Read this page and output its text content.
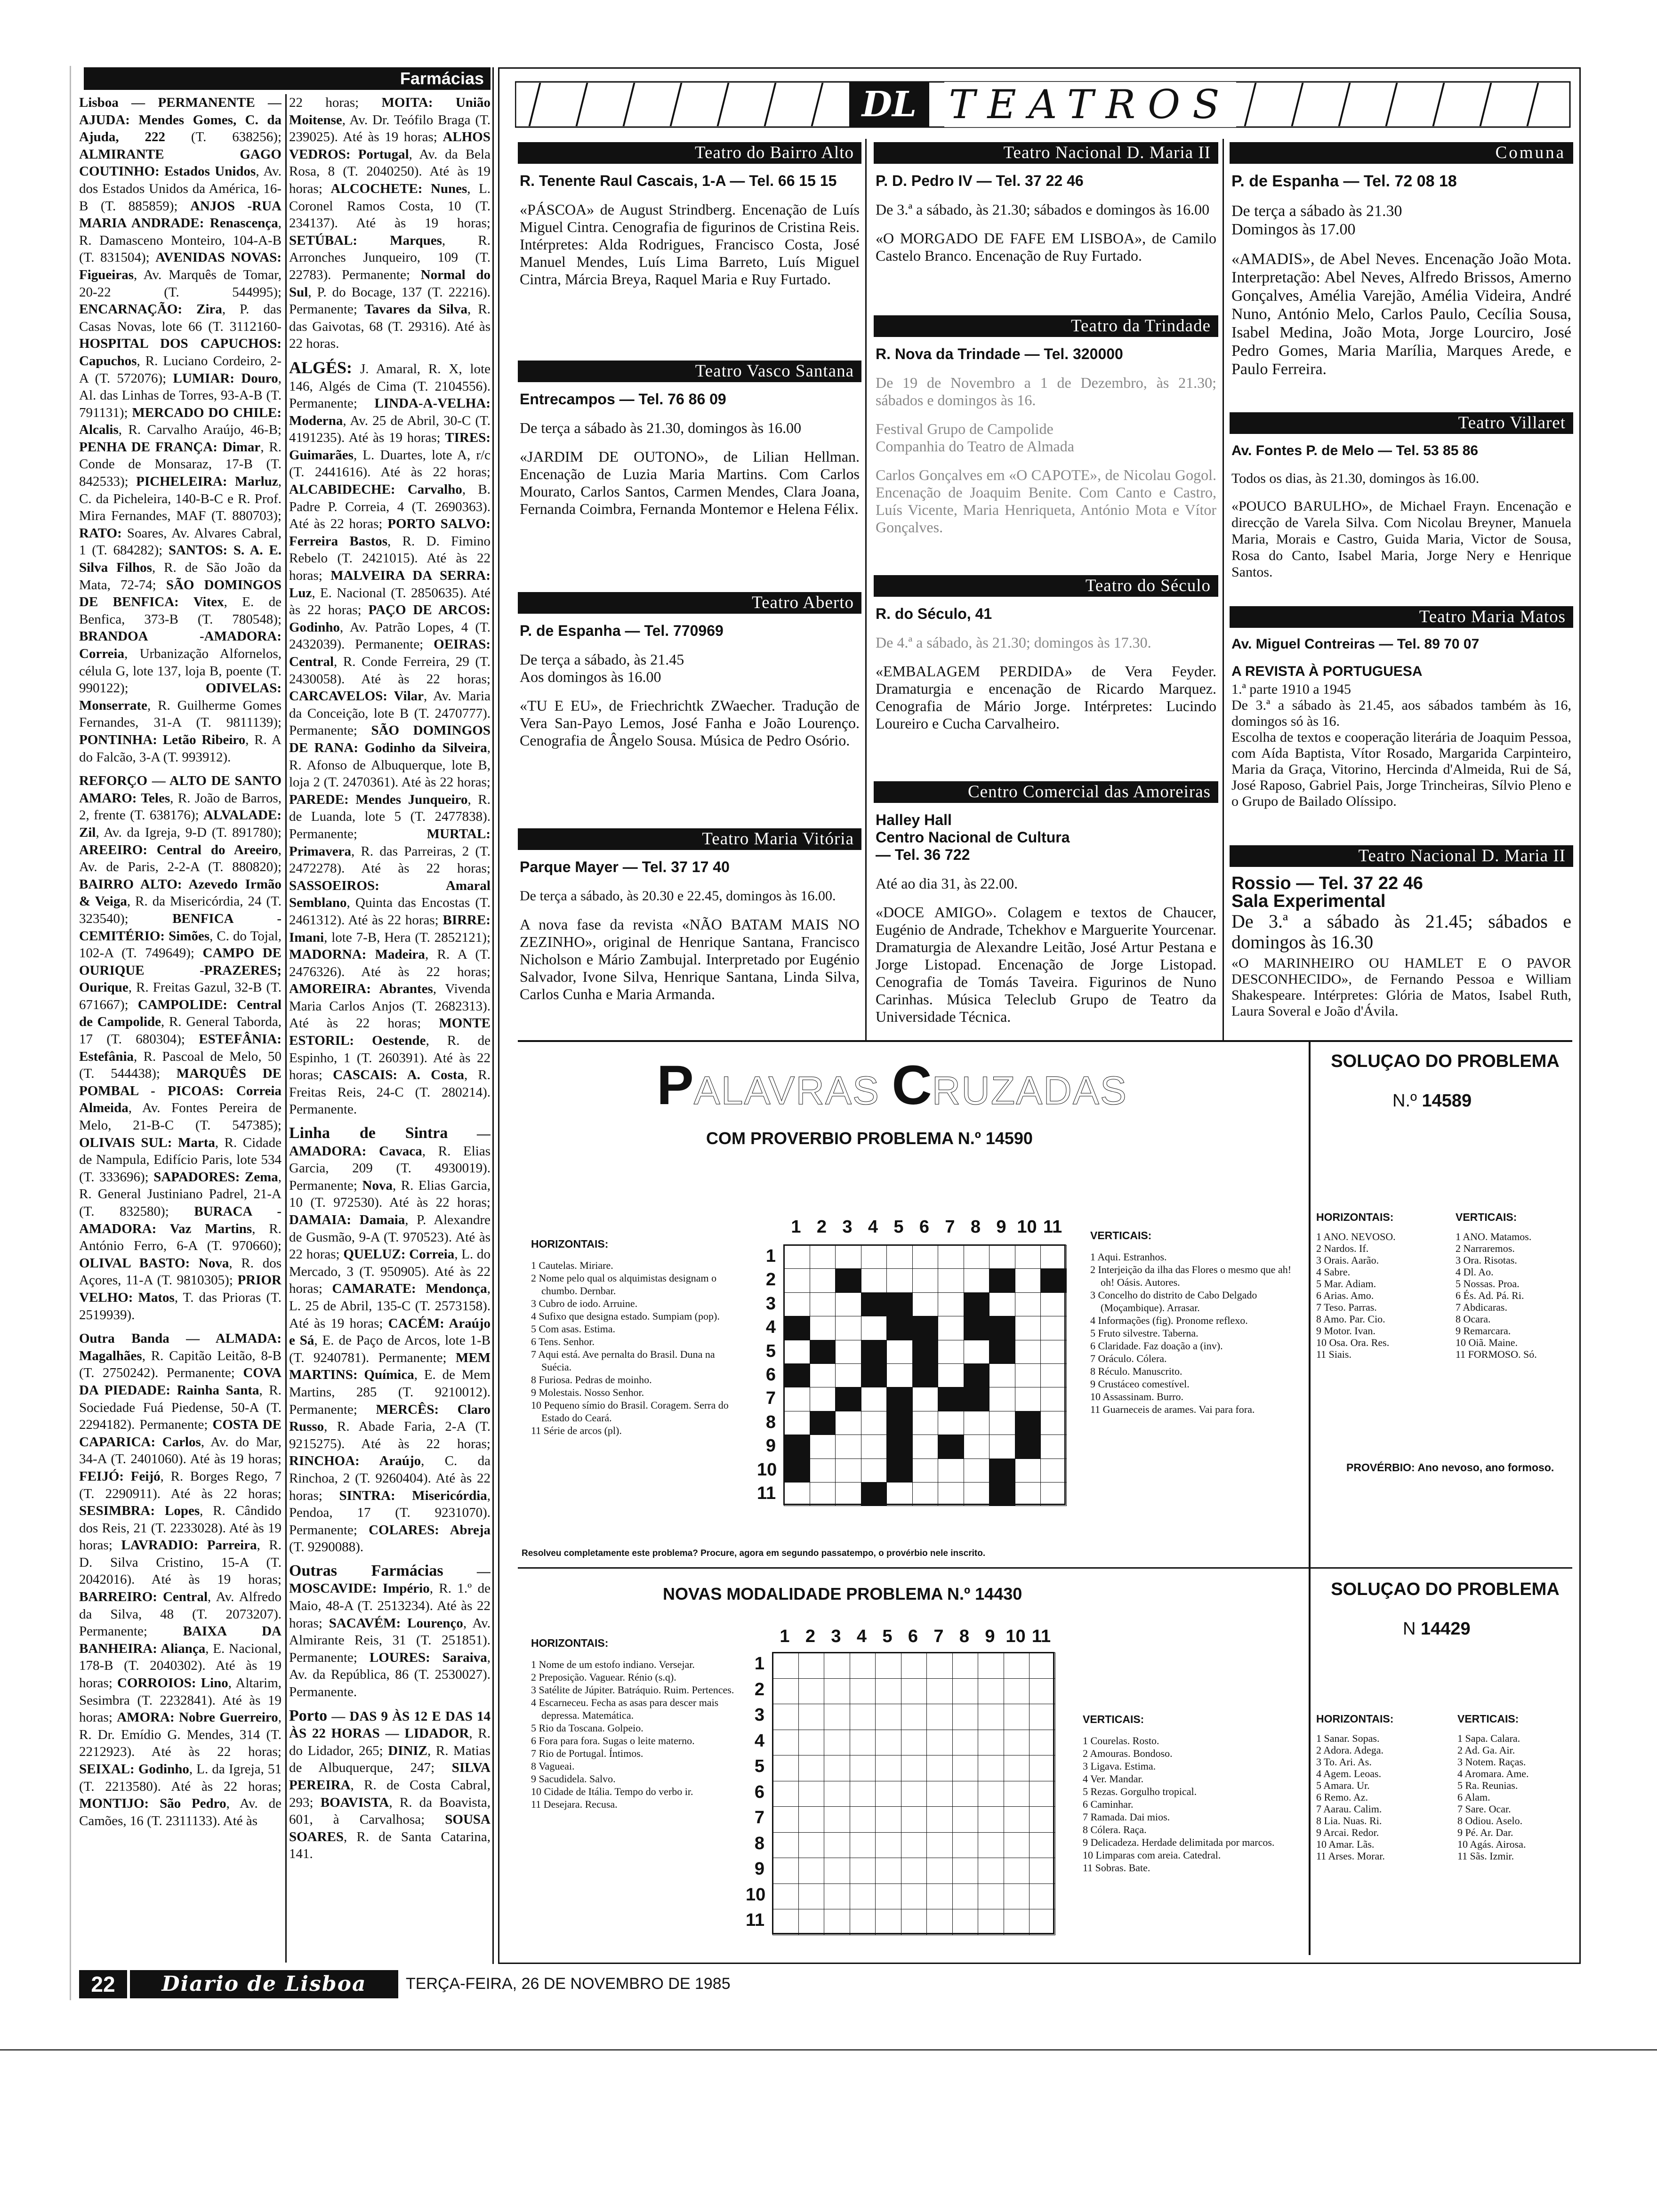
Farmácias

Lisboa — PERMANENTE — AJUDA: Mendes Gomes, C. da Ajuda, 222 (T. 638256); ALMIRANTE GAGO COUTINHO: Estados Unidos, Av. dos Estados Unidos da América, 16-B (T. 885859); ANJOS -RUA MARIA ANDRADE: Renascença, R. Damasceno Monteiro, 104-A-B (T. 831504); AVENIDAS NOVAS: Figueiras, Av. Marquês de Tomar, 20-22 (T. 544995); ENCARNAÇÃO: Zira, P. das Casas Novas, lote 66 (T. 3112160- HOSPITAL DOS CAPUCHOS: Capuchos, R. Luciano Cordeiro, 2-A (T. 572076); LUMIAR: Douro, Al. das Linhas de Torres, 93-A-B (T. 791131); MERCADO DO CHILE: Alcalis, R. Carvalho Araújo, 46-B; PENHA DE FRANÇA: Dimar, R. Conde de Monsaraz, 17-B (T. 842533); PICHELEIRA: Marluz, C. da Picheleira, 140-B-C e R. Prof. Mira Fernandes, MAF (T. 880703); RATO: Soares, Av. Alvares Cabral, 1 (T. 684282); SANTOS: S. A. E. Silva Filhos, R. de São João da Mata, 72-74; SÃO DOMINGOS DE BENFICA: Vitex, E. de Benfica, 373-B (T. 780548); BRANDOA -AMADORA: Correia, Urbanização Alfornelos, célula G, lote 137, loja B, poente (T. 990122); ODIVELAS: Monserrate, R. Guilherme Gomes Fernandes, 31-A (T. 9811139); PONTINHA: Letão Ribeiro, R. A do Falcão, 3-A (T. 993912).

REFORÇO — ALTO DE SANTO AMARO: Teles, R. João de Barros, 2, frente (T. 638176); ALVALADE: Zil, Av. da Igreja, 9-D (T. 891780); AREEIRO: Central do Areeiro, Av. de Paris, 2-2-A (T. 880820); BAIRRO ALTO: Azevedo Irmão & Veiga, R. da Misericórdia, 24 (T. 323540); BENFICA - CEMITÉRIO: Simões, C. do Tojal, 102-A (T. 749649); CAMPO DE OURIQUE -PRAZERES; Ourique, R. Freitas Gazul, 32-B (T. 671667); CAMPOLIDE: Central de Campolide, R. General Taborda, 17 (T. 680304); ESTEFÂNIA: Estefânia, R. Pascoal de Melo, 50 (T. 544438); MARQUÊS DE POMBAL - PICOAS: Correia Almeida, Av. Fontes Pereira de Melo, 21-B-C (T. 547385); OLIVAIS SUL: Marta, R. Cidade de Nampula, Edifício Paris, lote 534 (T. 333696); SAPADORES: Zema, R. General Justiniano Padrel, 21-A (T. 832580); BURACA - AMADORA: Vaz Martins, R. António Ferro, 6-A (T. 970660); OLIVAL BASTO: Nova, R. dos Açores, 11-A (T. 9810305); PRIOR VELHO: Matos, T. das Prioras (T. 2519939).

Outra Banda — ALMADA: Magalhães, R. Capitão Leitão, 8-B (T. 2750242). Permanente; COVA DA PIEDADE: Rainha Santa, R. Sociedade Fuá Piedense, 50-A (T. 2294182). Permanente; COSTA DE CAPARICA: Carlos, Av. do Mar, 34-A (T. 2401060). Até às 19 horas; FEIJÓ: Feijó, R. Borges Rego, 7 (T. 2290911). Até às 22 horas; SESIMBRA: Lopes, R. Cândido dos Reis, 21 (T. 2233028). Até às 19 horas; LAVRADIO: Parreira, R. D. Silva Cristino, 15-A (T. 2042016). Até às 19 horas; BARREIRO: Central, Av. Alfredo da Silva, 48 (T. 2073207). Permanente; BAIXA DA BANHEIRA: Aliança, E. Nacional, 178-B (T. 2040302). Até às 19 horas; CORROIOS: Lino, Altarim, Sesimbra (T. 2232841). Até às 19 horas; AMORA: Nobre Guerreiro, R. Dr. Emídio G. Mendes, 314 (T. 2212923). Até às 22 horas; SEIXAL: Godinho, L. da Igreja, 51 (T. 2213580). Até às 22 horas; MONTIJO: São Pedro, Av. de Camões, 16 (T. 2311133). Até às

22 horas; MOITA: União Moitense, Av. Dr. Teófilo Braga (T. 239025). Até às 19 horas; ALHOS VEDROS: Portugal, Av. da Bela Rosa, 8 (T. 2040250). Até às 19 horas; ALCOCHETE: Nunes, L. Coronel Ramos Costa, 10 (T. 234137). Até às 19 horas; SETÚBAL: Marques, R. Arronches Junqueiro, 109 (T. 22783). Permanente; Normal do Sul, P. do Bocage, 137 (T. 22216). Permanente; Tavares da Silva, R. das Gaivotas, 68 (T. 29316). Até às 22 horas.

ALGÉS: J. Amaral, R. X, lote 146, Algés de Cima (T. 2104556). Permanente; LINDA-A-VELHA: Moderna, Av. 25 de Abril, 30-C (T. 4191235). Até às 19 horas; TIRES: Guimarães, L. Duartes, lote A, r/c (T. 2441616). Até às 22 horas; ALCABIDECHE: Carvalho, B. Padre P. Correia, 4 (T. 2690363). Até às 22 horas; PORTO SALVO: Ferreira Bastos, R. D. Fimino Rebelo (T. 2421015). Até às 22 horas; MALVEIRA DA SERRA: Luz, E. Nacional (T. 2850635). Até às 22 horas; PAÇO DE ARCOS: Godinho, Av. Patrão Lopes, 4 (T. 2432039). Permanente; OEIRAS: Central, R. Conde Ferreira, 29 (T. 2430058). Até às 22 horas; CARCAVELOS: Vilar, Av. Maria da Conceição, lote B (T. 2470777). Permanente; SÃO DOMINGOS DE RANA: Godinho da Silveira, R. Afonso de Albuquerque, lote B, loja 2 (T. 2470361). Até às 22 horas; PAREDE: Mendes Junqueiro, R. de Luanda, lote 5 (T. 2477838). Permanente; MURTAL: Primavera, R. das Parreiras, 2 (T. 2472278). Até às 22 horas; SASSOEIROS: Amaral Semblano, Quinta das Encostas (T. 2461312). Até às 22 horas; BIRRE: Imani, lote 7-B, Hera (T. 2852121); MADORNA: Madeira, R. A (T. 2476326). Até às 22 horas; AMOREIRA: Abrantes, Vivenda Maria Carlos Anjos (T. 2682313). Até às 22 horas; MONTE ESTORIL: Oestende, R. de Espinho, 1 (T. 260391). Até às 22 horas; CASCAIS: A. Costa, R. Freitas Reis, 24-C (T. 280214). Permanente.

Linha de Sintra — AMADORA: Cavaca, R. Elias Garcia, 209 (T. 4930019). Permanente; Nova, R. Elias Garcia, 10 (T. 972530). Até às 22 horas; DAMAIA: Damaia, P. Alexandre de Gusmão, 9-A (T. 970523). Até às 22 horas; QUELUZ: Correia, L. do Mercado, 3 (T. 950905). Até às 22 horas; CAMARATE: Mendonça, L. 25 de Abril, 135-C (T. 2573158). Até às 19 horas; CACÉM: Araújo e Sá, E. de Paço de Arcos, lote 1-B (T. 9240781). Permanente; MEM MARTINS: Química, E. de Mem Martins, 285 (T. 9210012). Permanente; MERCÊS: Claro Russo, R. Abade Faria, 2-A (T. 9215275). Até às 22 horas; RINCHOA: Araújo, C. da Rinchoa, 2 (T. 9260404). Até às 22 horas; SINTRA: Misericórdia, Pendoa, 17 (T. 9231070). Permanente; COLARES: Abreja (T. 9290088).

Outras Farmácias — MOSCAVIDE: Império, R. 1.º de Maio, 48-A (T. 2513234). Até às 22 horas; SACAVÉM: Lourenço, Av. Almirante Reis, 31 (T. 251851). Permanente; LOURES: Saraiva, Av. da República, 86 (T. 2530027). Permanente.

Porto — DAS 9 ÀS 12 E DAS 14 ÀS 22 HORAS — LIDADOR, R. do Lidador, 265; DINIZ, R. Matias de Albuquerque, 247; SILVA PEREIRA, R. de Costa Cabral, 293; BOAVISTA, R. da Boavista, 601, à Carvalhosa; SOUSA SOARES, R. de Santa Catarina, 141.

DL TEATROS
Teatro do Bairro Alto

R. Tenente Raul Cascais, 1-A — Tel. 66 15 15

«PÁSCOA» de August Strindberg. Encenação de Luís Miguel Cintra. Cenografia de figurinos de Cristina Reis. Intérpretes: Alda Rodrigues, Francisco Costa, José Manuel Mendes, Luís Lima Barreto, Luís Miguel Cintra, Márcia Breya, Raquel Maria e Ruy Furtado.

Teatro Vasco Santana

Entrecampos — Tel. 76 86 09

De terça a sábado às 21.30, domingos às 16.00

«JARDIM DE OUTONO», de Lilian Hellman. Encenação de Luzia Maria Martins. Com Carlos Mourato, Carlos Santos, Carmen Mendes, Clara Joana, Fernanda Coimbra, Fernanda Montemor e Helena Félix.

Teatro Aberto

P. de Espanha — Tel. 770969

De terça a sábado, às 21.45
Aos domingos às 16.00

«TU E EU», de Friechrichtk ZWaecher. Tradução de Vera San-Payo Lemos, José Fanha e João Lourenço. Cenografia de Ângelo Sousa. Música de Pedro Osório.

Teatro Maria Vitória

Parque Mayer — Tel. 37 17 40

De terça a sábado, às 20.30 e 22.45, domingos às 16.00.

A nova fase da revista «NÃO BATAM MAIS NO ZEZINHO», original de Henrique Santana, Francisco Nicholson e Mário Zambujal. Interpretado por Eugénio Salvador, Ivone Silva, Henrique Santana, Linda Silva, Carlos Cunha e Maria Armanda.

Teatro Nacional D. Maria II

P. D. Pedro IV — Tel. 37 22 46

De 3.ª a sábado, às 21.30; sábados e domingos às 16.00

«O MORGADO DE FAFE EM LISBOA», de Camilo Castelo Branco. Encenação de Ruy Furtado.

Teatro da Trindade

R. Nova da Trindade — Tel. 320000

De 19 de Novembro a 1 de Dezembro, às 21.30; sábados e domingos às 16.

Festival Grupo de Campolide
Companhia do Teatro de Almada

Carlos Gonçalves em «O CAPOTE», de Nicolau Gogol. Encenação de Joaquim Benite. Com Canto e Castro, Luís Vicente, Maria Henriqueta, António Mota e Vítor Gonçalves.

Teatro do Século

R. do Século, 41

De 4.ª a sábado, às 21.30; domingos às 17.30.

«EMBALAGEM PERDIDA» de Vera Feyder. Dramaturgia e encenação de Ricardo Marquez. Cenografia de Mário Jorge. Intérpretes: Lucindo Loureiro e Cucha Carvalheiro.

Centro Comercial das Amoreiras

Halley Hall
Centro Nacional de Cultura
— Tel. 36 722

Até ao dia 31, às 22.00.

«DOCE AMIGO». Colagem e textos de Chaucer, Eugénio de Andrade, Tchekhov e Marguerite Yourcenar. Dramaturgia de Alexandre Leitão, José Artur Pestana e Jorge Listopad. Encenação de Jorge Listopad. Cenografia de Tomás Taveira. Figurinos de Nuno Carinhas. Música Teleclub Grupo de Teatro da Universidade Técnica.

Comuna

P. de Espanha — Tel. 72 08 18

De terça a sábado às 21.30
Domingos às 17.00

«AMADIS», de Abel Neves. Encenação João Mota. Interpretação: Abel Neves, Alfredo Brissos, Amerno Gonçalves, Amélia Varejão, Amélia Videira, André Nuno, António Melo, Carlos Paulo, Cecília Sousa, Isabel Medina, João Mota, Jorge Lourciro, José Pedro Gomes, Maria Marília, Marques Arede, e Paulo Ferreira.

Teatro Villaret

Av. Fontes P. de Melo — Tel. 53 85 86

Todos os dias, às 21.30, domingos às 16.00.

«POUCO BARULHO», de Michael Frayn. Encenação e direcção de Varela Silva. Com Nicolau Breyner, Manuela Maria, Morais e Castro, Guida Maria, Victor de Sousa, Rosa do Canto, Isabel Maria, Jorge Nery e Henrique Santos.

Teatro Maria Matos

Av. Miguel Contreiras — Tel. 89 70 07

A REVISTA À PORTUGUESA

1.ª parte 1910 a 1945
De 3.ª a sábado às 21.45, aos sábados também às 16, domingos só às 16.
Escolha de textos e cooperação literária de Joaquim Pessoa, com Aída Baptista, Vítor Rosado, Margarida Carpinteiro, Maria da Graça, Vitorino, Hercinda d'Almeida, Rui de Sá, José Raposo, Gabriel Pais, Jorge Trincheiras, Sílvio Pleno e o Grupo de Bailado Olíssipo.

Teatro Nacional D. Maria II

Rossio — Tel. 37 22 46

Sala Experimental

De 3.ª a sábado às 21.45; sábados e domingos às 16.30

«O MARINHEIRO OU HAMLET E O PAVOR DESCONHECIDO», de Fernando Pessoa e William Shakespeare. Intérpretes: Glória de Matos, Isabel Ruth, Laura Soveral e João d'Ávila.

PALAVRAS CRUZADAS
COM PROVERBIO PROBLEMA N.º 14590
1 2 3 4 5 6 7 8 9 10 11
1
2
3
4
5
6
7
8
9
10
11
HORIZONTAIS:
1 Cautelas. Miriare.
2 Nome pelo qual os alquimistas designam o chumbo. Dernbar.
3 Cubro de iodo. Arruine.
4 Sufixo que designa estado. Sumpiam (pop).
5 Com asas. Estima.
6 Tens. Senhor.
7 Aqui está. Ave pernalta do Brasil. Duna na Suécia.
8 Furiosa. Pedras de moinho.
9 Molestais. Nosso Senhor.
10 Pequeno símio do Brasil. Coragem. Serra do Estado do Ceará.
11 Série de arcos (pl).
VERTICAIS:
1 Aqui. Estranhos.
2 Interjeição da ilha das Flores o mesmo que ah! oh! Oásis. Autores.
3 Concelho do distrito de Cabo Delgado (Moçambique). Arrasar.
4 Informações (fig). Pronome reflexo.
5 Fruto silvestre. Taberna.
6 Claridade. Faz doação a (inv).
7 Oráculo. Cólera.
8 Réculo. Manuscrito.
9 Crustáceo comestível.
10 Assassinam. Burro.
11 Guarneceis de arames. Vai para fora.
Resolveu completamente este problema? Procure, agora em segundo passatempo, o provérbio nele inscrito.
NOVAS MODALIDADE PROBLEMA N.º 14430
1 2 3 4 5 6 7 8 9 10 11
1
2
3
4
5
6
7
8
9
10
11
HORIZONTAIS:
1 Nome de um estofo indiano. Versejar.
2 Preposição. Vaguear. Rénio (s.q).
3 Satélite de Júpiter. Batráquio. Ruim. Pertences.
4 Escarneceu. Fecha as asas para descer mais depressa. Matemática.
5 Rio da Toscana. Golpeio.
6 Fora para fora. Sugas o leite materno.
7 Rio de Portugal. Íntimos.
8 Vagueai.
9 Sacudidela. Salvo.
10 Cidade de Itália. Tempo do verbo ir.
11 Desejara. Recusa.
VERTICAIS:
1 Courelas. Rosto.
2 Amouras. Bondoso.
3 Ligava. Estima.
4 Ver. Mandar.
5 Rezas. Gorgulho tropical.
6 Caminhar.
7 Ramada. Dai mios.
8 Cólera. Raça.
9 Delicadeza. Herdade delimitada por marcos.
10 Limparas com areia. Catedral.
11 Sobras. Bate.
SOLUÇAO DO PROBLEMA
N.º 14589
HORIZONTAIS:
1 ANO. NEVOSO.
2 Nardos. If.
3 Orais. Aarão.
4 Sabre.
5 Mar. Adiam.
6 Arias. Amo.
7 Teso. Parras.
8 Amo. Par. Cio.
9 Motor. Ivan.
10 Osa. Ora. Res.
11 Siais.
VERTICAIS:
1 ANO. Matamos.
2 Narraremos.
3 Ora. Risotas.
4 Dl. Ao.
5 Nossas. Proa.
6 És. Ad. Pá. Ri.
7 Abdicaras.
8 Ocara.
9 Remarcara.
10 Oiã. Maine.
11 FORMOSO. Só.
PROVÉRBIO: Ano nevoso, ano formoso.
SOLUÇAO DO PROBLEMA
N 14429
HORIZONTAIS:
1 Sanar. Sopas.
2 Adora. Adega.
3 To. Ari. As.
4 Agem. Leoas.
5 Amara. Ur.
6 Remo. Az.
7 Aarau. Calim.
8 Lia. Nuas. Ri.
9 Arcai. Redor.
10 Amar. Lãs.
11 Arses. Morar.
VERTICAIS:
1 Sapa. Calara.
2 Ad. Ga. Air.
3 Notem. Raças.
4 Aromara. Ame.
5 Ra. Reunias.
6 Alam.
7 Sare. Ocar.
8 Odiou. Aselo.
9 Pé. Ar. Dar.
10 Agás. Airosa.
11 Sãs. Izmir.
22	Diario de Lisboa	TERÇA-FEIRA, 26 DE NOVEMBRO DE 1985
